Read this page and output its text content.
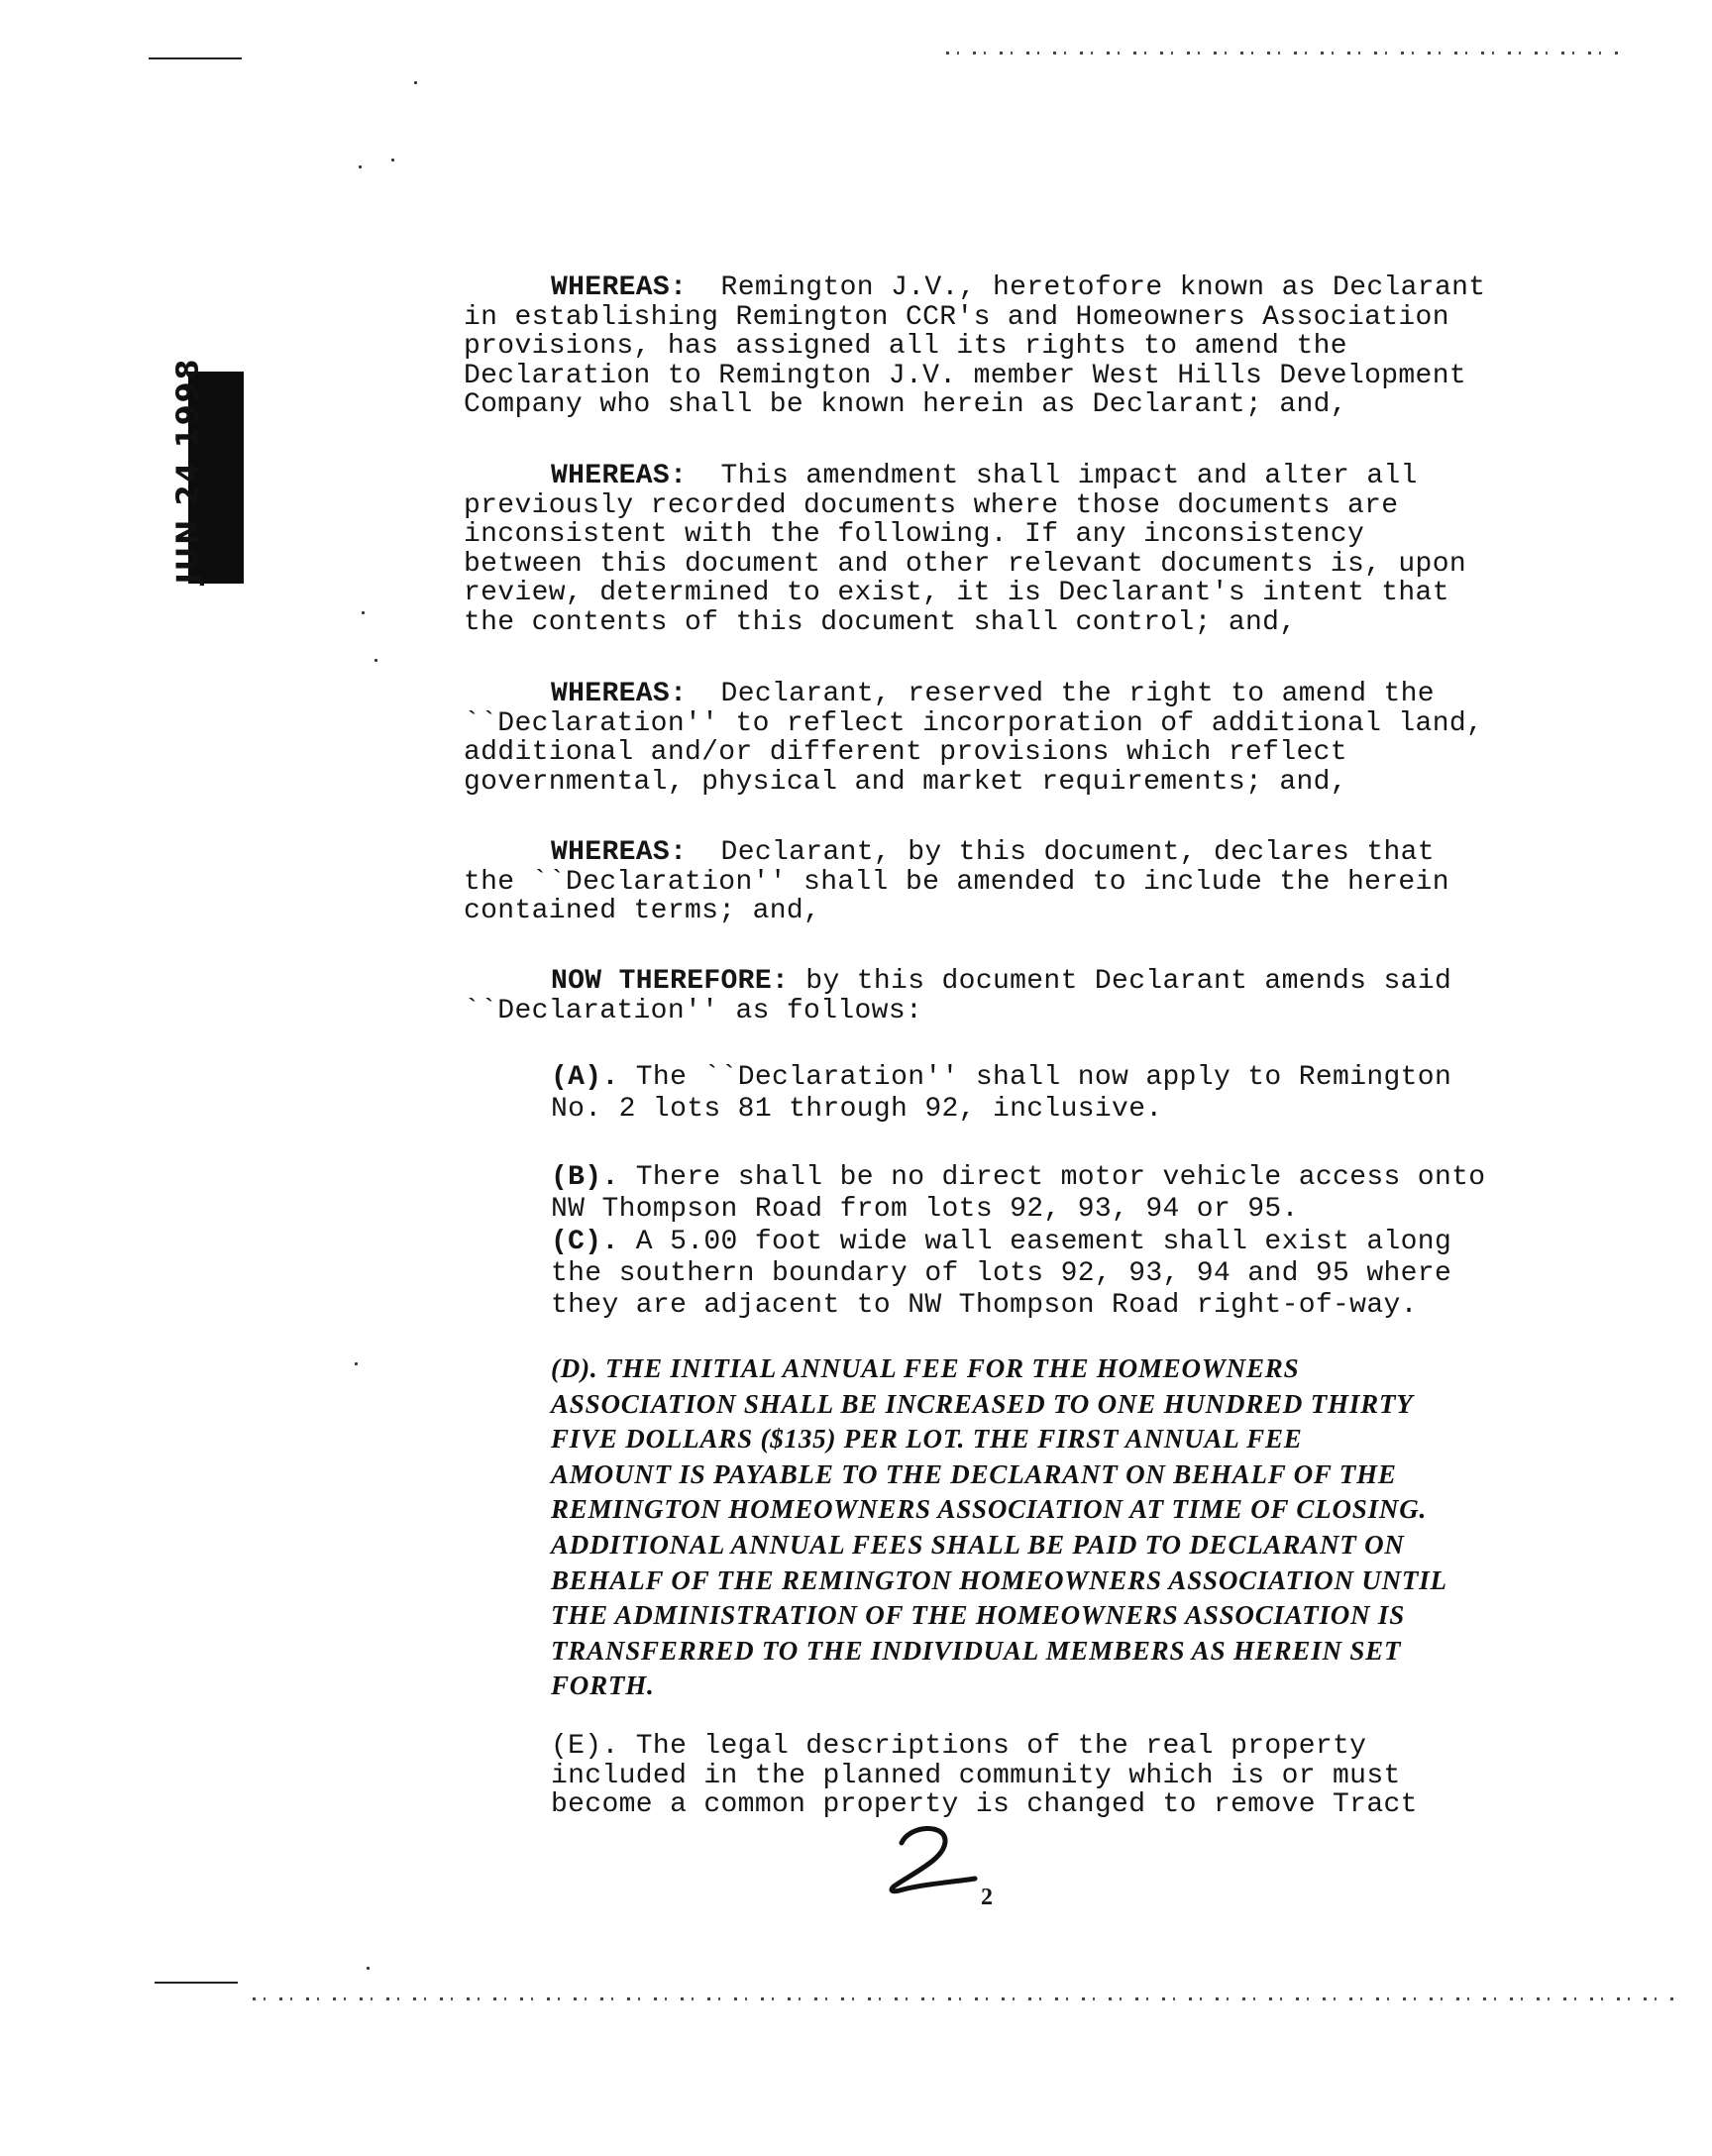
JUN 24 1998
WHEREAS:  Remington J.V., heretofore known as Declarant
in establishing Remington CCR's and Homeowners Association
provisions, has assigned all its rights to amend the
Declaration to Remington J.V. member West Hills Development
Company who shall be known herein as Declarant; and,
WHEREAS:  This amendment shall impact and alter all
previously recorded documents where those documents are
inconsistent with the following. If any inconsistency
between this document and other relevant documents is, upon
review, determined to exist, it is Declarant's intent that
the contents of this document shall control; and,
WHEREAS:  Declarant, reserved the right to amend the
``Declaration'' to reflect incorporation of additional land,
additional and/or different provisions which reflect
governmental, physical and market requirements; and,
WHEREAS:  Declarant, by this document, declares that
the ``Declaration'' shall be amended to include the herein
contained terms; and,
NOW THEREFORE: by this document Declarant amends said
``Declaration'' as follows:
(A). The ``Declaration'' shall now apply to Remington
No. 2 lots 81 through 92, inclusive.
(B). There shall be no direct motor vehicle access onto
NW Thompson Road from lots 92, 93, 94 or 95.
(C). A 5.00 foot wide wall easement shall exist along
the southern boundary of lots 92, 93, 94 and 95 where
they are adjacent to NW Thompson Road right-of-way.
(D). THE INITIAL ANNUAL FEE FOR THE HOMEOWNERS
ASSOCIATION SHALL BE INCREASED TO ONE HUNDRED THIRTY
FIVE DOLLARS ($135) PER LOT. THE FIRST ANNUAL FEE
AMOUNT IS PAYABLE TO THE DECLARANT ON BEHALF OF THE
REMINGTON HOMEOWNERS ASSOCIATION AT TIME OF CLOSING.
ADDITIONAL ANNUAL FEES SHALL BE PAID TO DECLARANT ON
BEHALF OF THE REMINGTON HOMEOWNERS ASSOCIATION UNTIL
THE ADMINISTRATION OF THE HOMEOWNERS ASSOCIATION IS
TRANSFERRED TO THE INDIVIDUAL MEMBERS AS HEREIN SET
FORTH.
(E). The legal descriptions of the real property
included in the planned community which is or must
become a common property is changed to remove Tract
2
